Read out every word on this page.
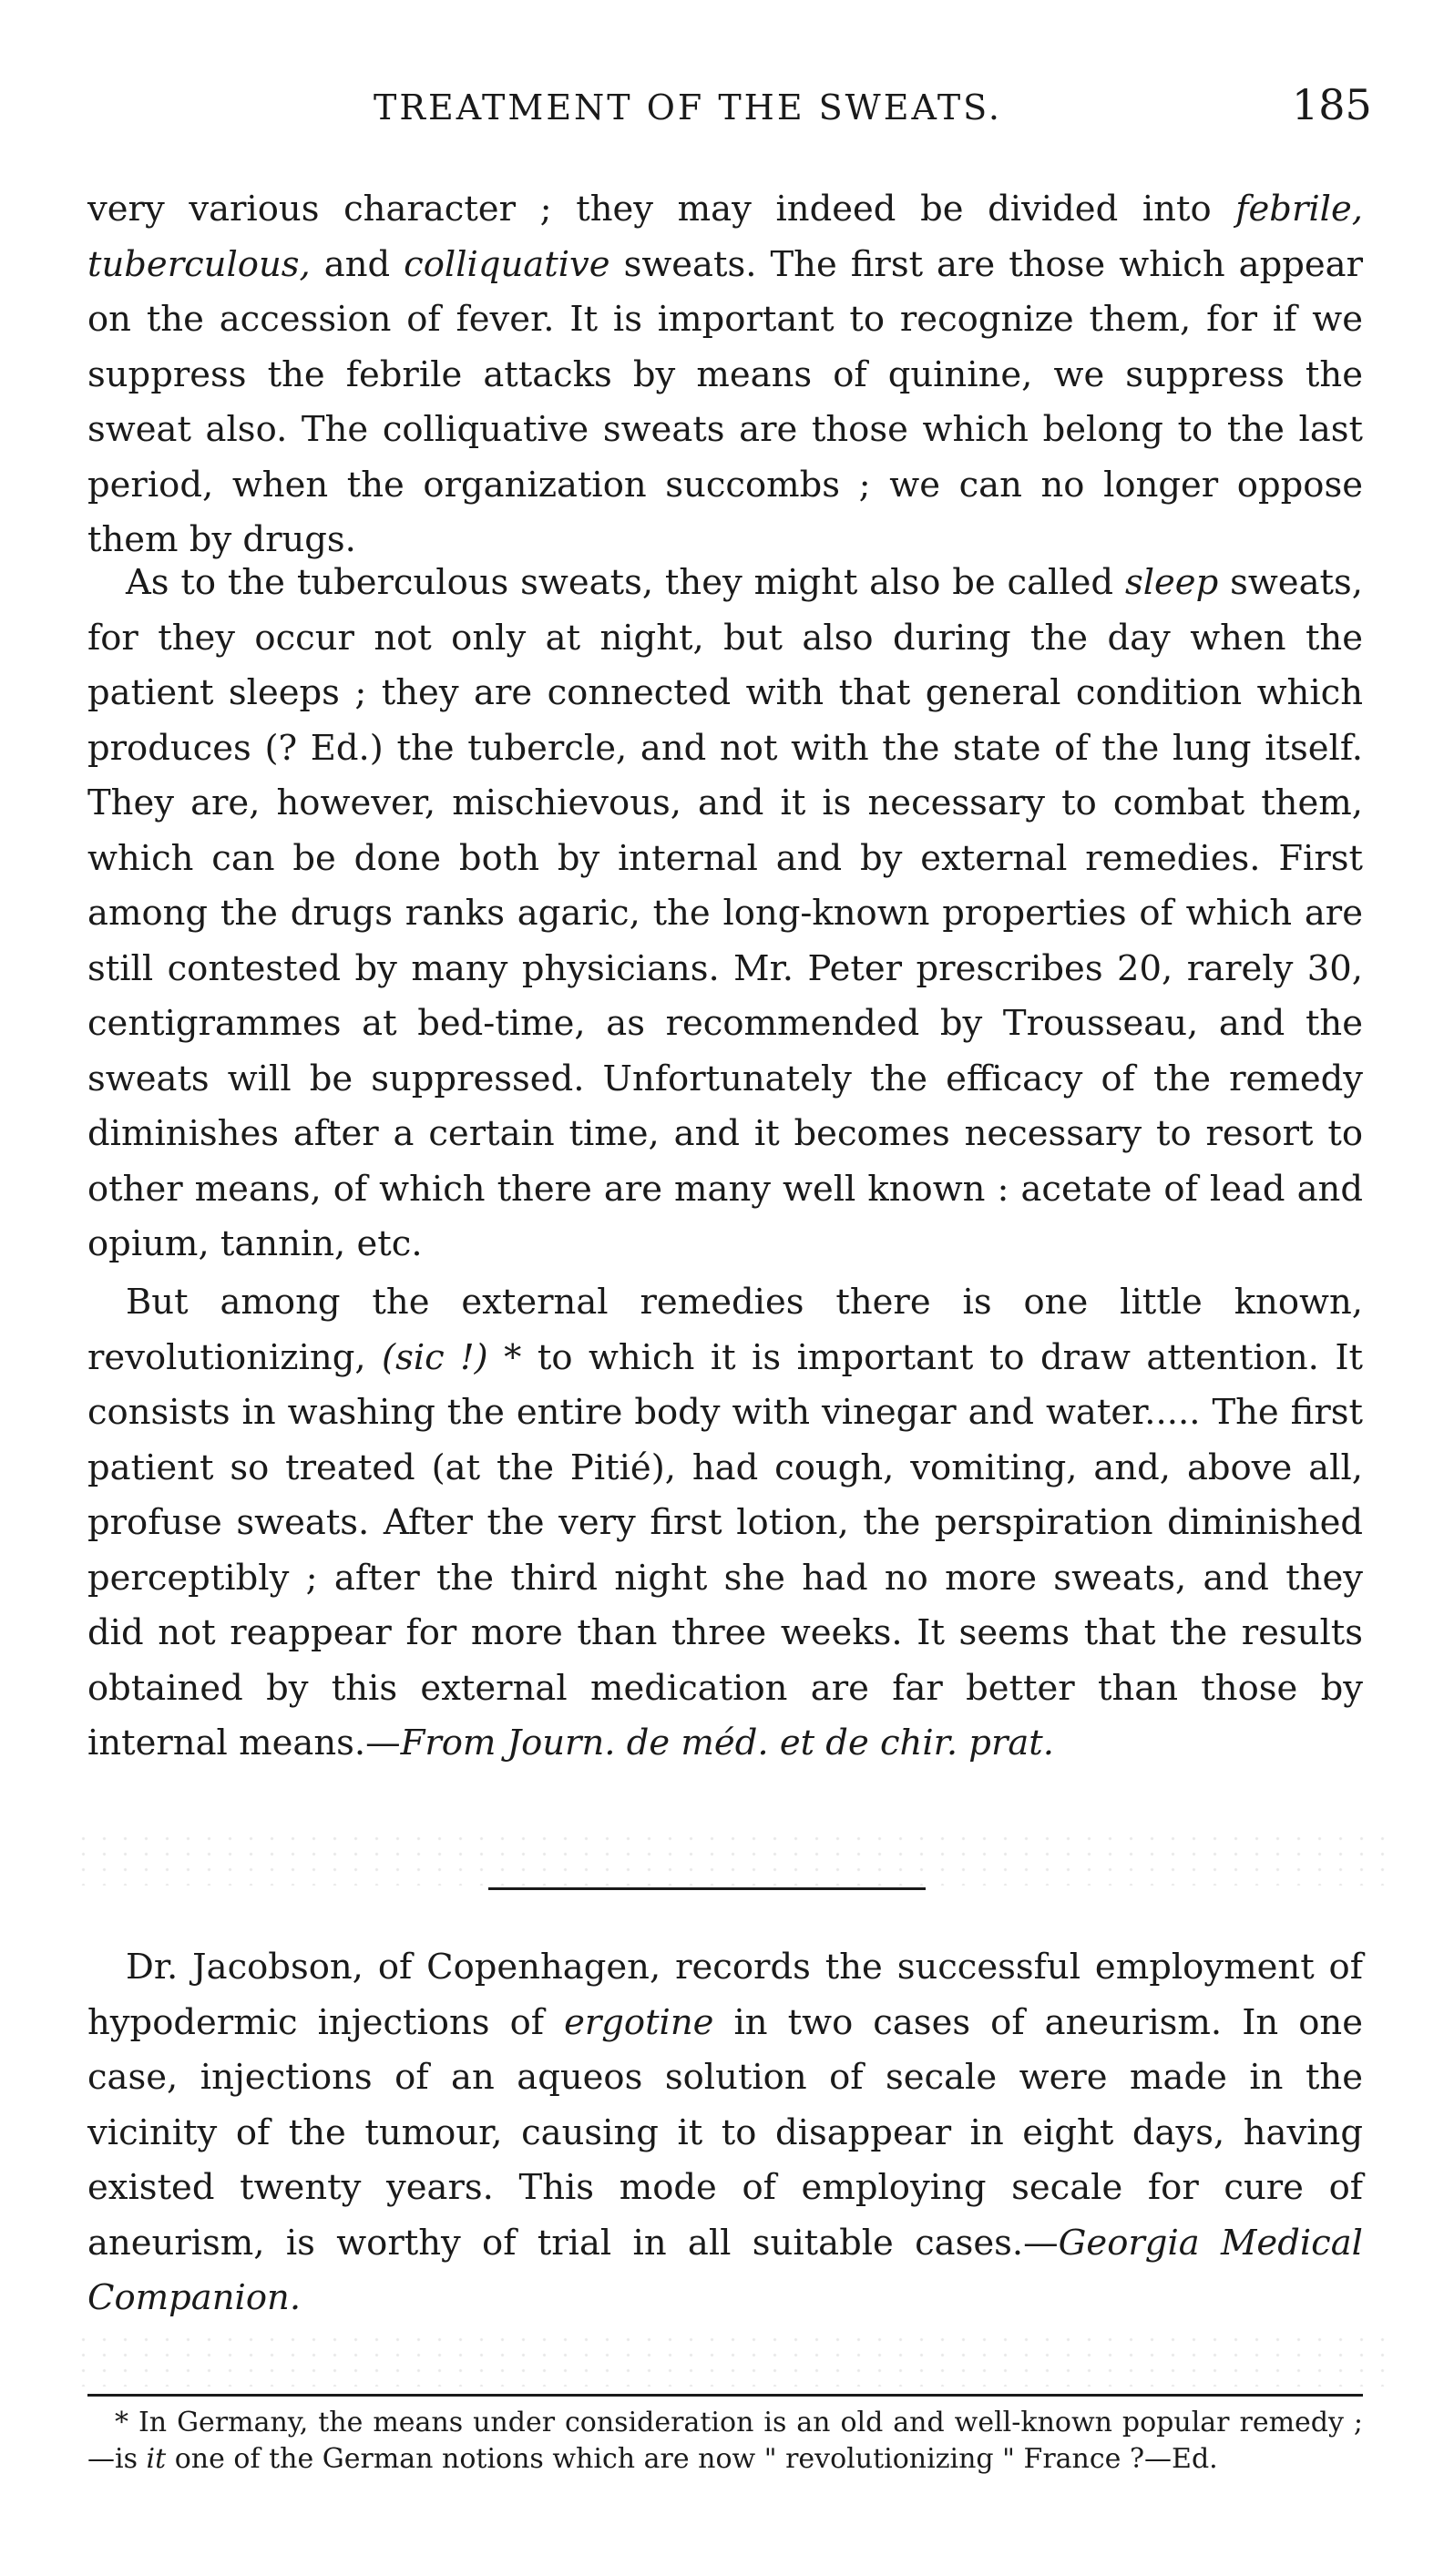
TREATMENT OF THE SWEATS.	185

very various character ; they may indeed be divided into febrile, tuberculous, and colliquative sweats. The first are those which appear on the accession of fever. It is important to recognize them, for if we suppress the febrile attacks by means of quinine, we suppress the sweat also. The colliquative sweats are those which belong to the last period, when the organization succombs ; we can no longer oppose them by drugs.

As to the tuberculous sweats, they might also be called sleep sweats, for they occur not only at night, but also during the day when the patient sleeps ; they are connected with that general condition which produces (? Ed.) the tubercle, and not with the state of the lung itself. They are, however, mischievous, and it is necessary to combat them, which can be done both by internal and by external remedies. First among the drugs ranks agaric, the long-known properties of which are still contested by many physicians. Mr. Peter prescribes 20, rarely 30, centigrammes at bed-time, as recommended by Trousseau, and the sweats will be suppressed. Unfortunately the efficacy of the remedy diminishes after a certain time, and it becomes necessary to resort to other means, of which there are many well known : acetate of lead and opium, tannin, etc.

But among the external remedies there is one little known, revolutionizing, (sic !) * to which it is important to draw attention. It consists in washing the entire body with vinegar and water..... The first patient so treated (at the Pitié), had cough, vomiting, and, above all, profuse sweats. After the very first lotion, the perspiration diminished perceptibly ; after the third night she had no more sweats, and they did not reappear for more than three weeks. It seems that the results obtained by this external medication are far better than those by internal means.—From Journ. de méd. et de chir. prat.

Dr. Jacobson, of Copenhagen, records the successful employment of hypodermic injections of ergotine in two cases of aneurism. In one case, injections of an aqueos solution of secale were made in the vicinity of the tumour, causing it to disappear in eight days, having existed twenty years. This mode of employing secale for cure of aneurism, is worthy of trial in all suitable cases.—Georgia Medical Companion.

* In Germany, the means under consideration is an old and well-known popular remedy ;—is it one of the German notions which are now " revolutionizing " France ?—Ed.
